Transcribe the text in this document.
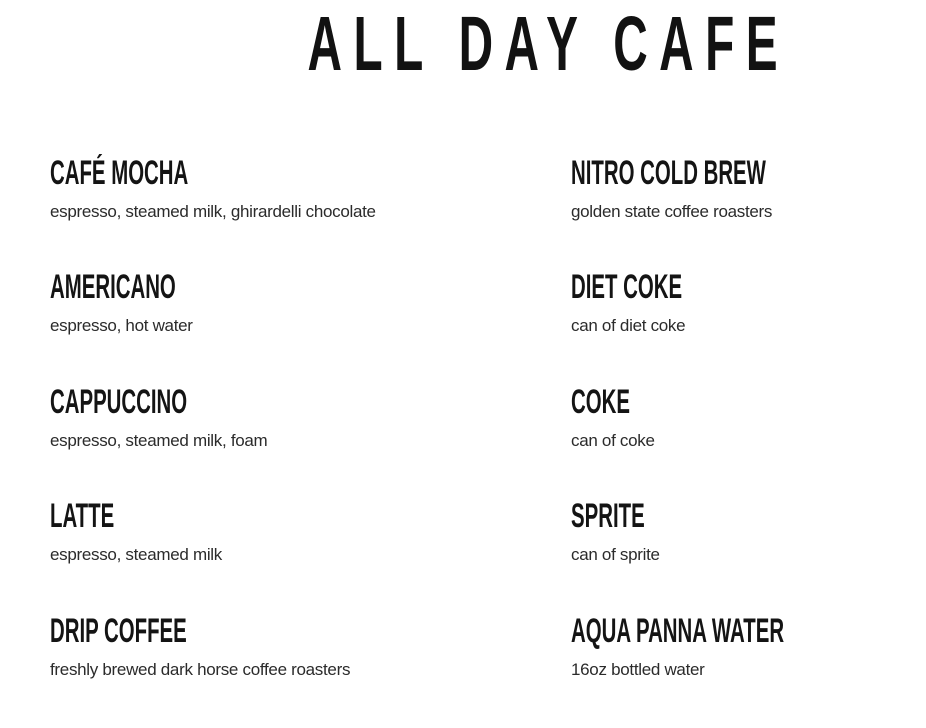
ALL DAY CAFE
CAFÉ MOCHA

espresso, steamed milk, ghirardelli chocolate

AMERICANO

espresso, hot water

CAPPUCCINO

espresso, steamed milk, foam

LATTE

espresso, steamed milk

DRIP COFFEE

freshly brewed dark horse coffee roasters

NITRO COLD BREW

golden state coffee roasters

DIET COKE

can of diet coke

COKE

can of coke

SPRITE

can of sprite

AQUA PANNA WATER

16oz bottled water
